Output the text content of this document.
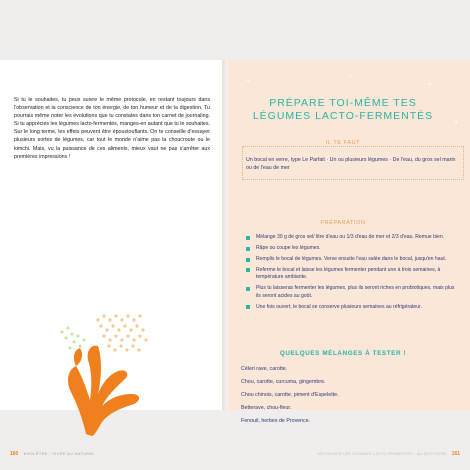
Si tu le souhaites, tu peux suivre le même protocole, en restant toujours dans l'observation et la conscience de ton énergie, de ton humeur et de ta digestion. Tu pourrais même noter les évolutions que tu constates dans ton carnet de journaling. Si tu apprécies les légumes lacto-fermentés, manges-en autant que tu le souhaites. Sur le long terme, les effets peuvent être époustouflants. On te conseille d'essayer plusieurs sortes de légumes, car tout le monde n'aime pas la choucroute ou le kimchi. Mais, vu la puissance de ces aliments, mieux vaut ne pas s'arrêter aux premières impressions !

160 BIEN-ÊTRE · VIVRE AU NATUREL
✦
✦
✧
✦
PRÉPARE TOI-MÊME TES
LÉGUMES LACTO-FERMENTÉS
IL TE FAUT

Un bocal en verre, type Le Parfait · Un ou plusieurs légumes · De l'eau, du gros sel marin ou de l'eau de mer

PRÉPARATION
Mélange 30 g de gros sel/ litre d'eau ou 1/3 d'eau de mer et 2/3 d'eau. Remue bien.
Râpe ou coupe les légumes.
Remplis le bocal de légumes. Verse ensuite l'eau salée dans le bocal, jusqu'en haut.
Referme le bocal et laisse les légumes fermenter pendant une à trois semaines, à température ambiante.
Plus tu laisseras fermenter les légumes, plus ils seront riches en probiotiques, mais plus ils seront acides au goût.
Une fois ouvert, le bocal se conserve plusieurs semaines au réfrigérateur.
QUELQUES MÉLANGES À TESTER !
Céleri rave, carotte.
Chou, carotte, curcuma, gingembre.
Chou chinois, carotte, piment d'Espelette.
Betterave, chou-fleur.
Fenouil, herbes de Provence.
DÉCOUVRIR LES LÉGUMES LACTO-FERMENTÉS · AU QUOTIDIEN 161
